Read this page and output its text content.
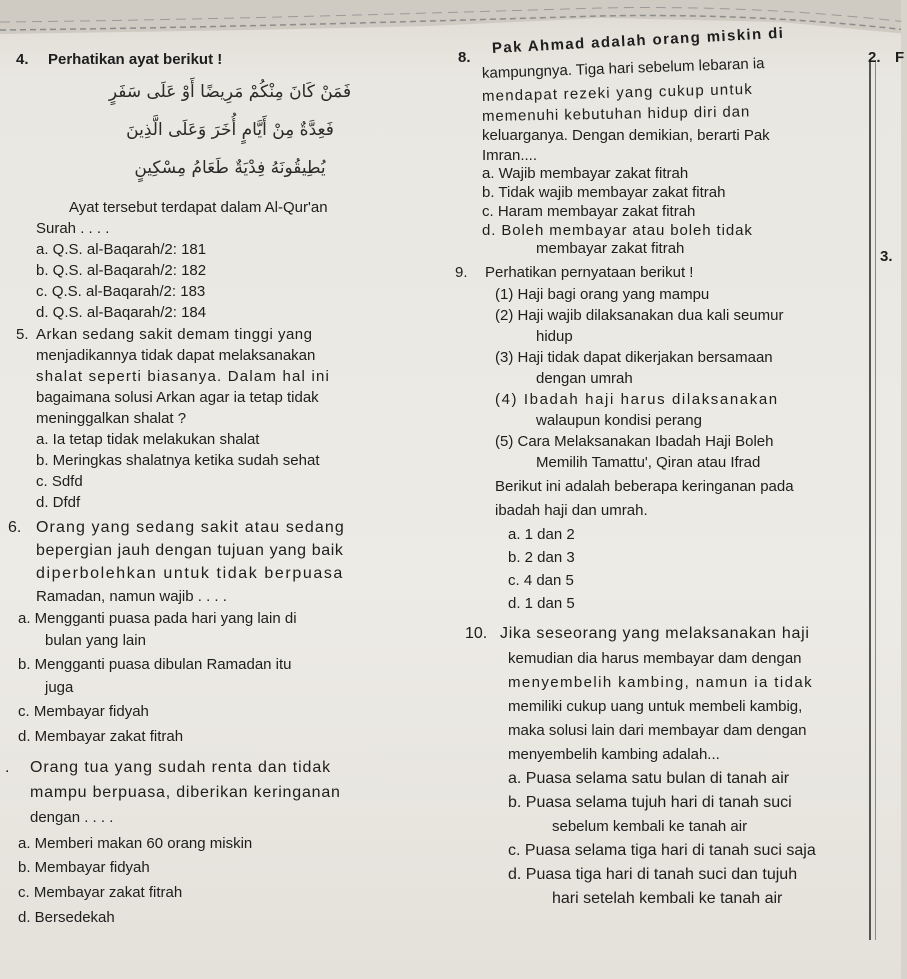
4. Perhatikan ayat berikut !
فَمَنْ كَانَ مِنْكُمْ مَرِيضًا أَوْ عَلَى سَفَرٍ
فَعِدَّةٌ مِنْ أَيَّامٍ أُخَرَ وَعَلَى الَّذِينَ
يُطِيقُونَهُ فِدْيَةٌ طَعَامُ مِسْكِينٍ
Ayat tersebut terdapat dalam Al-Qur'an
Surah . . . .
a. Q.S. al-Baqarah/2: 181
b. Q.S. al-Baqarah/2: 182
c. Q.S. al-Baqarah/2: 183
d. Q.S. al-Baqarah/2: 184
5. Arkan sedang sakit demam tinggi yang
menjadikannya tidak dapat melaksanakan
shalat seperti biasanya. Dalam hal ini
bagaimana solusi Arkan agar ia tetap tidak
meninggalkan shalat ?
a. Ia tetap tidak melakukan shalat
b. Meringkas shalatnya ketika sudah sehat
c. Sdfd
d. Dfdf
6. Orang yang sedang sakit atau sedang
bepergian jauh dengan tujuan yang baik
diperbolehkan untuk tidak berpuasa
Ramadan, namun wajib . . . .
a. Mengganti puasa pada hari yang lain di
bulan yang lain
b. Mengganti puasa dibulan Ramadan itu
juga
c. Membayar fidyah
d. Membayar zakat fitrah
. Orang tua yang sudah renta dan tidak
mampu berpuasa, diberikan keringanan
dengan . . . .
a. Memberi makan 60 orang miskin
b. Membayar fidyah
c. Membayar zakat fitrah
d. Bersedekah
8.
Pak Ahmad adalah orang miskin di
kampungnya. Tiga hari sebelum lebaran ia
mendapat rezeki yang cukup untuk
memenuhi kebutuhan hidup diri dan
keluarganya. Dengan demikian, berarti Pak
Imran....
a. Wajib membayar zakat fitrah
b. Tidak wajib membayar zakat fitrah
c. Haram membayar zakat fitrah
d. Boleh membayar atau boleh tidak
membayar zakat fitrah
9. Perhatikan pernyataan berikut !
(1) Haji bagi orang yang mampu
(2) Haji wajib dilaksanakan dua kali seumur
hidup
(3) Haji tidak dapat dikerjakan bersamaan
dengan umrah
(4) Ibadah haji harus dilaksanakan
walaupun kondisi perang
(5) Cara Melaksanakan Ibadah Haji Boleh
Memilih Tamattu', Qiran atau Ifrad
Berikut ini adalah beberapa keringanan pada
ibadah haji dan umrah.
a. 1 dan 2
b. 2 dan 3
c. 4 dan 5
d. 1 dan 5
10. Jika seseorang yang melaksanakan haji
kemudian dia harus membayar dam dengan
menyembelih kambing, namun ia tidak
memiliki cukup uang untuk membeli kambig,
maka solusi lain dari membayar dam dengan
menyembelih kambing adalah...
a. Puasa selama satu bulan di tanah air
b. Puasa selama tujuh hari di tanah suci
sebelum kembali ke tanah air
c. Puasa selama tiga hari di tanah suci saja
d. Puasa tiga hari di tanah suci dan tujuh
hari setelah kembali ke tanah air
2. F
3.
